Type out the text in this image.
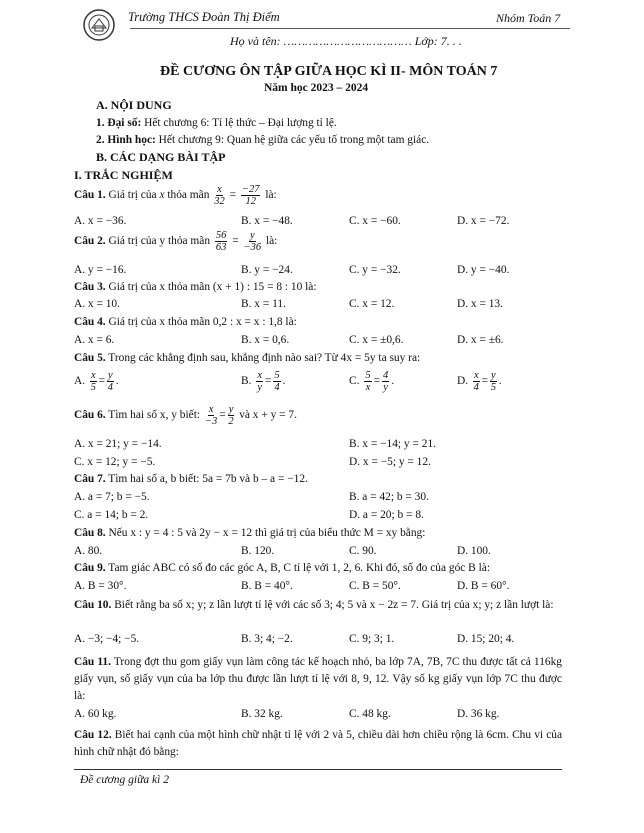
Trường THCS Đoàn Thị Điểm	Nhóm Toán 7
Họ và tên: ……………………………… Lớp: 7. . .
ĐỀ CƯƠNG ÔN TẬP GIỮA HỌC KÌ II- MÔN TOÁN 7
Năm học 2023 – 2024
A. NỘI DUNG
1. Đại số: Hết chương 6: Tỉ lệ thức – Đại lượng tỉ lệ.
2. Hình học: Hết chương 9: Quan hệ giữa các yếu tố trong một tam giác.
B. CÁC DẠNG BÀI TẬP
I. TRẮC NGHIỆM
Câu 1. Giá trị của x thỏa mãn $\frac{x}{32} = \frac{-27}{12}$ là:
A. x = −36.	B. x = −48.	C. x = −60.	D. x = −72.
Câu 2. Giá trị của y thỏa mãn $\frac{56}{63} = \frac{y}{-36}$ là:
A. y = −16.	B. y = −24.	C. y = −32.	D. y = −40.
Câu 3. Giá trị của x thỏa mãn (x + 1) : 15 = 8 : 10 là:
A. x = 10.	B. x = 11.	C. x = 12.	D. x = 13.
Câu 4. Giá trị của x thỏa mãn 0,2 : x = x : 1,8 là:
A. x = 6.	B. x = 0,6.	C. x = ±0,6.	D. x = ±6.
Câu 5. Trong các khẳng định sau, khẳng định nào sai? Từ 4x = 5y ta suy ra:
A. $\frac{x}{5} = \frac{y}{4}$ .	B. $\frac{x}{y} = \frac{5}{4}$ .	C. $\frac{5}{x} = \frac{4}{y}$ .	D. $\frac{x}{4} = \frac{y}{5}$ .
Câu 6. Tìm hai số x, y biết: $\frac{x}{-3} = \frac{y}{2}$ và x + y = 7.
A. x = 21; y = −14.	B. x = −14; y = 21.
C. x = 12; y = −5.	D. x = −5; y = 12.
Câu 7. Tìm hai số a, b biết: 5a = 7b và b – a = −12.
A. a = 7; b = −5.	B. a = 42; b = 30.
C. a = 14; b = 2.	D. a = 20; b = 8.
Câu 8. Nếu x : y = 4 : 5 và 2y − x = 12 thì giá trị của biểu thức M = xy bằng:
A. 80.	B. 120.	C. 90.	D. 100.
Câu 9. Tam giác ABC có số đo các góc A, B, C tỉ lệ với 1, 2, 6. Khi đó, số đo của góc B là:
A. B = 30°.	B. B = 40°.	C. B = 50°.	D. B = 60°.
Câu 10. Biết rằng ba số x; y; z lần lượt tỉ lệ với các số 3; 4; 5 và x − 2z = 7. Giá trị của x; y; z lần lượt là:
A. −3; −4; −5.	B. 3; 4; −2.	C. 9; 3; 1.	D. 15; 20; 4.
Câu 11. Trong đợt thu gom giấy vụn làm công tác kế hoạch nhỏ, ba lớp 7A, 7B, 7C thu được tất cả 116kg giấy vụn, số giấy vụn của ba lớp thu được lần lượt tỉ lệ với 8, 9, 12. Vậy số kg giấy vụn lớp 7C thu được là:
A. 60 kg.	B. 32 kg.	C. 48 kg.	D. 36 kg.
Câu 12. Biết hai cạnh của một hình chữ nhật tỉ lệ với 2 và 5, chiều dài hơn chiều rộng là 6cm. Chu vi của hình chữ nhật đó bằng:
Đề cương giữa kì 2
